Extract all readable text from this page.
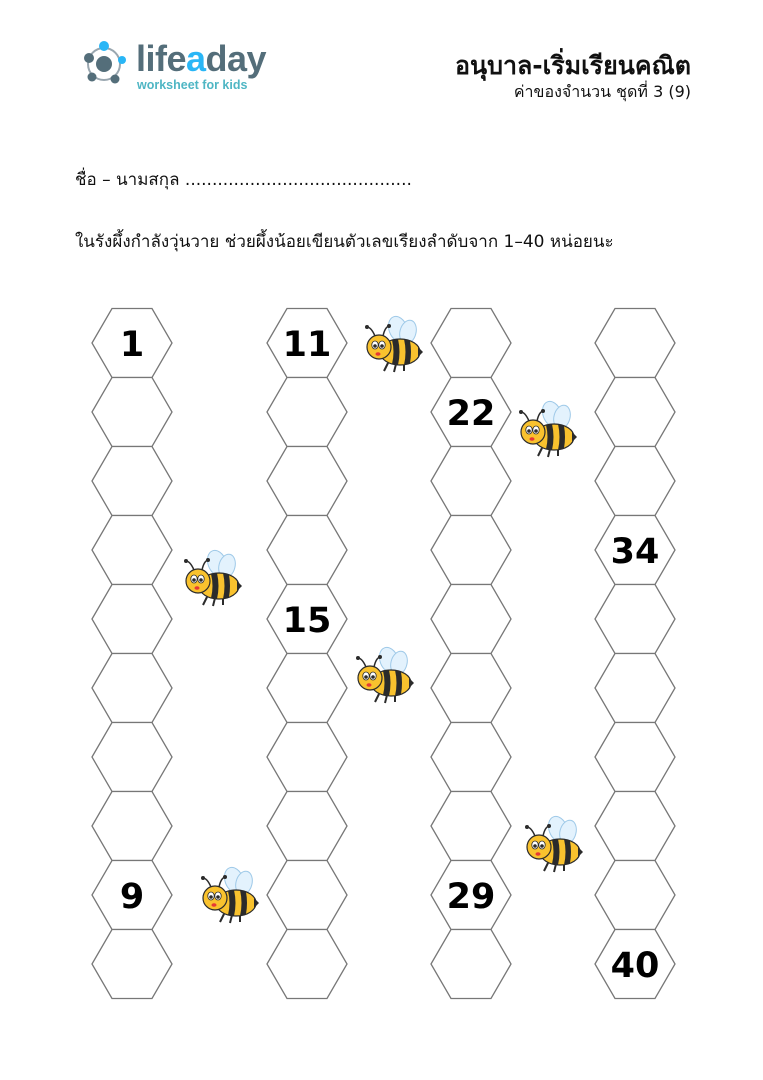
lifeaday
worksheet for kids
อนุบาล-เริ่มเรียนคณิต
ค่าของจำนวน ชุดที่ 3 (9)
ชื่อ – นามสกุล ..........................................
ในรังผึ้งกำลังวุ่นวาย ช่วยผึ้งน้อยเขียนตัวเลขเรียงลำดับจาก 1–40 หน่อยนะ
1
9
11
15
22
29
34
40
